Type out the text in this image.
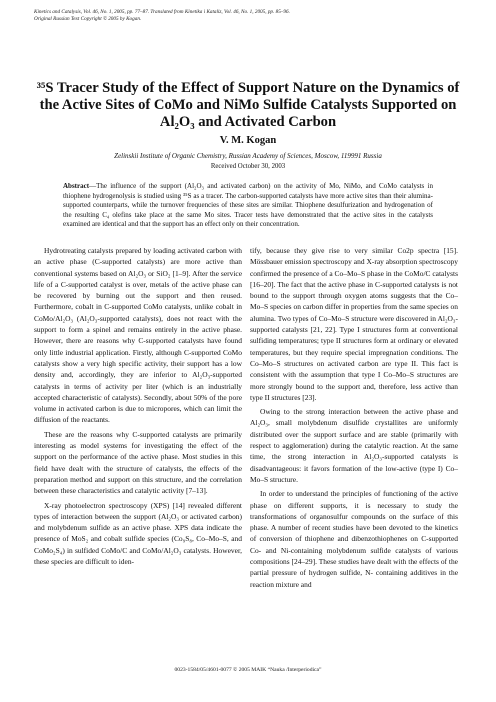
Kinetics and Catalysis, Vol. 46, No. 1, 2005, pp. 77–87. Translated from Kinetika i Kataliz, Vol. 46, No. 1, 2005, pp. 85–96.
Original Russian Text Copyright © 2005 by Kogan.
³⁵S Tracer Study of the Effect of Support Nature on the Dynamics of the Active Sites of CoMo and NiMo Sulfide Catalysts Supported on Al₂O₃ and Activated Carbon
V. M. Kogan
Zelinskii Institute of Organic Chemistry, Russian Academy of Sciences, Moscow, 119991 Russia
Received October 30, 2003
Abstract—The influence of the support (Al₂O₃ and activated carbon) on the activity of Mo, NiMo, and CoMo catalysts in thiophene hydrogenolysis is studied using ³⁵S as a tracer. The carbon-supported catalysts have more active sites than their alumina-supported counterparts, while the turnover frequencies of these sites are similar. Thiophene desulfurization and hydrogenation of the resulting C₄ olefins take place at the same Mo sites. Tracer tests have demonstrated that the active sites in the catalysts examined are identical and that the support has an effect only on their concentration.

Hydrotreating catalysts prepared by loading activated carbon with an active phase (C-supported catalysts) are more active than conventional systems based on Al₂O₃ or SiO₂ [1–9]. After the service life of a C-supported catalyst is over, metals of the active phase can be recovered by burning out the support and then reused. Furthermore, cobalt in C-supported CoMo catalysts, unlike cobalt in CoMo/Al₂O₃ (Al₂O₃-supported catalysts), does not react with the support to form a spinel and remains entirely in the active phase. However, there are reasons why C-supported catalysts have found only little industrial application. Firstly, although C-supported CoMo catalysts show a very high specific activity, their support has a low density and, accordingly, they are inferior to Al₂O₃-supported catalysts in terms of activity per liter (which is an industrially accepted characteristic of catalysts). Secondly, about 50% of the pore volume in activated carbon is due to micropores, which can limit the diffusion of the reactants.

These are the reasons why C-supported catalysts are primarily interesting as model systems for investigating the effect of the support on the performance of the active phase. Most studies in this field have dealt with the structure of catalysts, the effects of the preparation method and support on this structure, and the correlation between these characteristics and catalytic activity [7–13].

X-ray photoelectron spectroscopy (XPS) [14] revealed different types of interaction between the support (Al₂O₃ or activated carbon) and molybdenum sulfide as an active phase. XPS data indicate the presence of MoS₂ and cobalt sulfide species (Co₉S₈, Co–Mo–S, and CoMo₂S₄) in sulfided CoMo/C and CoMo/Al₂O₃ catalysts. However, these species are difficult to iden-

tify, because they give rise to very similar Co2p spectra [15]. Mössbauer emission spectroscopy and X-ray absorption spectroscopy confirmed the presence of a Co–Mo–S phase in the CoMo/C catalysts [16–20]. The fact that the active phase in C-supported catalysts is not bound to the support through oxygen atoms suggests that the Co–Mo–S species on carbon differ in properties from the same species on alumina. Two types of Co–Mo–S structure were discovered in Al₂O₃-supported catalysts [21, 22]. Type I structures form at conventional sulfiding temperatures; type II structures form at ordinary or elevated temperatures, but they require special impregnation conditions. The Co–Mo–S structures on activated carbon are type II. This fact is consistent with the assumption that type I Co–Mo–S structures are more strongly bound to the support and, therefore, less active than type II structures [23].

Owing to the strong interaction between the active phase and Al₂O₃, small molybdenum disulfide crystallites are uniformly distributed over the support surface and are stable (primarily with respect to agglomeration) during the catalytic reaction. At the same time, the strong interaction in Al₂O₃-supported catalysts is disadvantageous: it favors formation of the low-active (type I) Co–Mo–S structure.

In order to understand the principles of functioning of the active phase on different supports, it is necessary to study the transformations of organosulfur compounds on the surface of this phase. A number of recent studies have been devoted to the kinetics of conversion of thiophene and dibenzothiophenes on C-supported Co- and Ni-containing molybdenum sulfide catalysts of various compositions [24–29]. These studies have dealt with the effects of the partial pressure of hydrogen sulfide, N- containing additives in the reaction mixture and

0023-1584/05/4601-0077 © 2005 MAIK “Nauka /Interperiodica”
